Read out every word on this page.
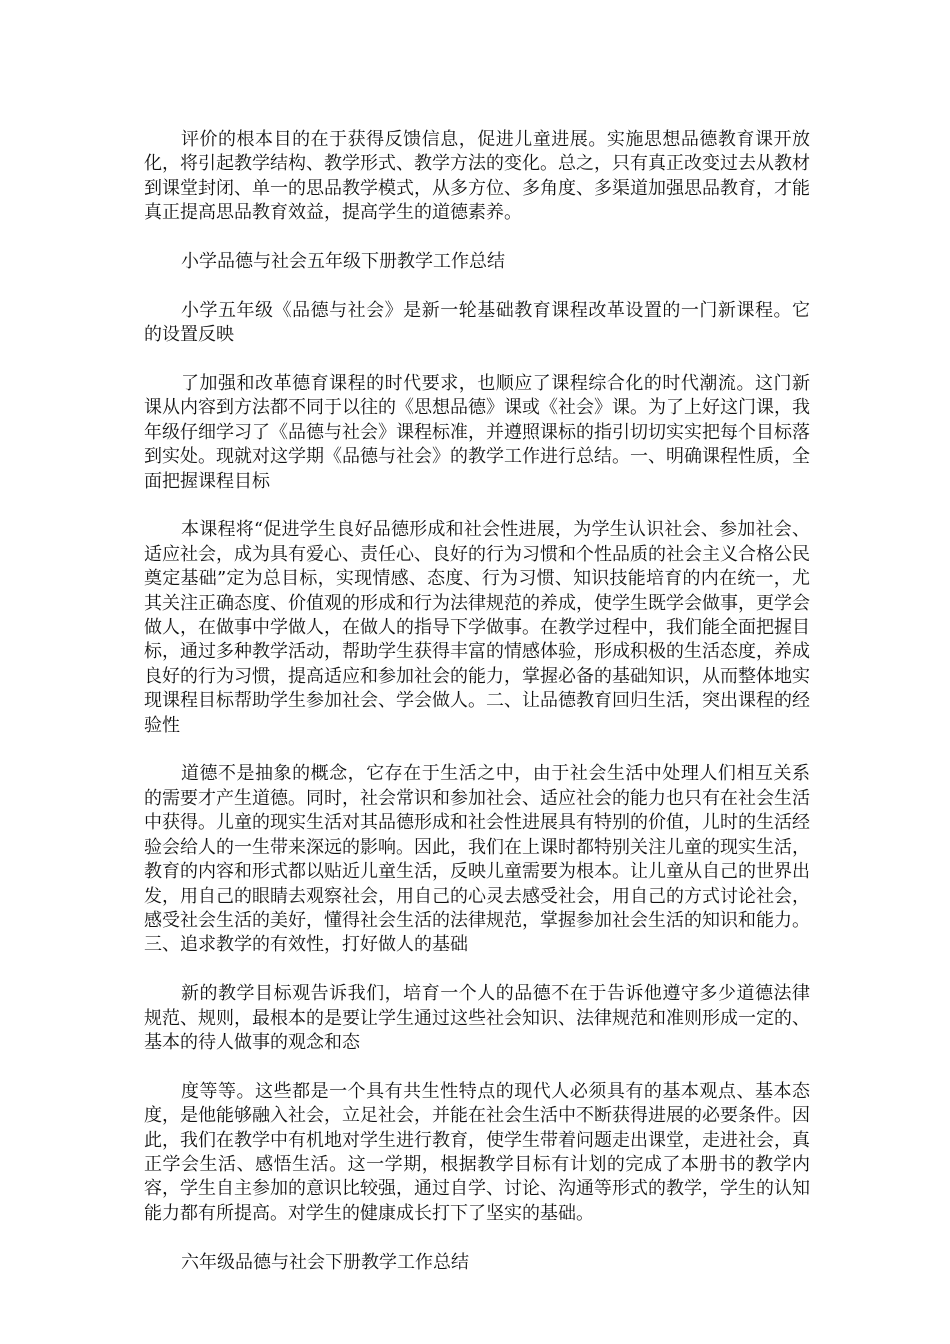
评价的根本目的在于获得反馈信息，促进儿童进展。实施思想品德教育课开放化，将引起教学结构、教学形式、教学方法的变化。总之，只有真正改变过去从教材到课堂封闭、单一的思品教学模式，从多方位、多角度、多渠道加强思品教育，才能真正提高思品教育效益，提高学生的道德素养。

小学品德与社会五年级下册教学工作总结

小学五年级《品德与社会》是新一轮基础教育课程改革设置的一门新课程。它的设置反映

了加强和改革德育课程的时代要求，也顺应了课程综合化的时代潮流。这门新课从内容到方法都不同于以往的《思想品德》课或《社会》课。为了上好这门课，我年级仔细学习了《品德与社会》课程标准，并遵照课标的指引切切实实把每个目标落到实处。现就对这学期《品德与社会》的教学工作进行总结。一、明确课程性质，全面把握课程目标

本课程将“促进学生良好品德形成和社会性进展，为学生认识社会、参加社会、适应社会，成为具有爱心、责任心、良好的行为习惯和个性品质的社会主义合格公民奠定基础”定为总目标，实现情感、态度、行为习惯、知识技能培育的内在统一，尤其关注正确态度、价值观的形成和行为法律规范的养成，使学生既学会做事，更学会做人，在做事中学做人，在做人的指导下学做事。在教学过程中，我们能全面把握目标，通过多种教学活动，帮助学生获得丰富的情感体验，形成积极的生活态度，养成良好的行为习惯，提高适应和参加社会的能力，掌握必备的基础知识，从而整体地实现课程目标帮助学生参加社会、学会做人。二、让品德教育回归生活，突出课程的经验性

道德不是抽象的概念，它存在于生活之中，由于社会生活中处理人们相互关系的需要才产生道德。同时，社会常识和参加社会、适应社会的能力也只有在社会生活中获得。儿童的现实生活对其品德形成和社会性进展具有特别的价值，儿时的生活经验会给人的一生带来深远的影响。因此，我们在上课时都特别关注儿童的现实生活，教育的内容和形式都以贴近儿童生活，反映儿童需要为根本。让儿童从自己的世界出发，用自己的眼睛去观察社会，用自己的心灵去感受社会，用自己的方式讨论社会，感受社会生活的美好，懂得社会生活的法律规范，掌握参加社会生活的知识和能力。三、追求教学的有效性，打好做人的基础

新的教学目标观告诉我们，培育一个人的品德不在于告诉他遵守多少道德法律规范、规则，最根本的是要让学生通过这些社会知识、法律规范和准则形成一定的、基本的待人做事的观念和态

度等等。这些都是一个具有共生性特点的现代人必须具有的基本观点、基本态度，是他能够融入社会，立足社会，并能在社会生活中不断获得进展的必要条件。因此，我们在教学中有机地对学生进行教育，使学生带着问题走出课堂，走进社会，真正学会生活、感悟生活。这一学期，根据教学目标有计划的完成了本册书的教学内容，学生自主参加的意识比较强，通过自学、讨论、沟通等形式的教学，学生的认知能力都有所提高。对学生的健康成长打下了坚实的基础。

六年级品德与社会下册教学工作总结
